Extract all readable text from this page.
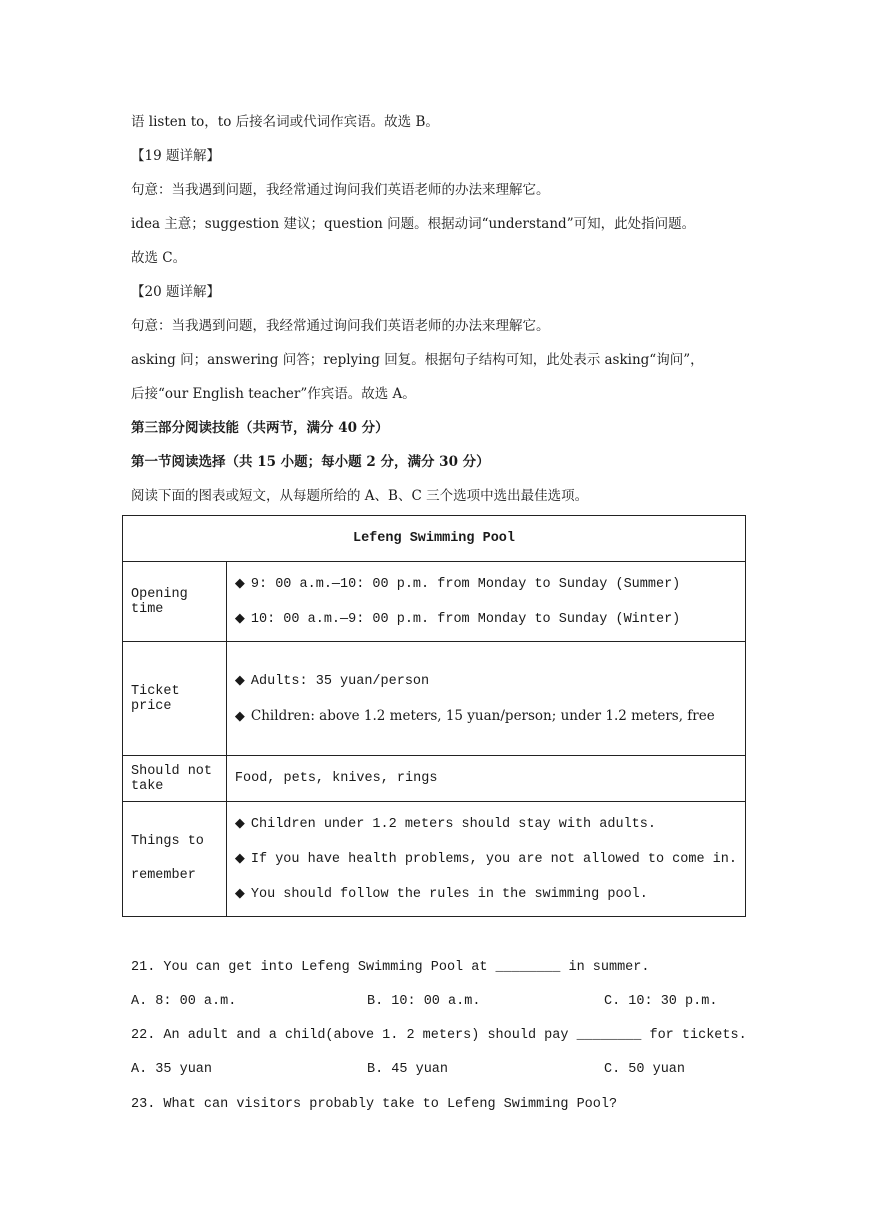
语 listen to，to 后接名词或代词作宾语。故选 B。
【19 题详解】
句意：当我遇到问题，我经常通过询问我们英语老师的办法来理解它。
idea 主意；suggestion 建议；question 问题。根据动词“understand”可知，此处指问题。
故选 C。
【20 题详解】
句意：当我遇到问题，我经常通过询问我们英语老师的办法来理解它。
asking 问；answering 问答；replying 回复。根据句子结构可知，此处表示 asking“询问”，
后接“our English teacher”作宾语。故选 A。
第三部分阅读技能（共两节，满分 40 分）
第一节阅读选择（共 15 小题；每小题 2 分，满分 30 分）
阅读下面的图表或短文，从每题所给的 A、B、C 三个选项中选出最佳选项。
Lefeng Swimming Pool	
Opening time	◆ 9: 00 a.m.—10: 00 p.m. from Monday to Sunday (Summer)
◆ 10: 00 a.m.—9: 00 p.m. from Monday to Sunday (Winter)

Ticket price	◆ Adults: 35 yuan/person
◆ Children: above 1.2 meters, 15 yuan/person; under 1.2 meters, free

Should not take	Food, pets, knives, rings

Things to
remember	◆ Children under 1.2 meters should stay with adults.
◆ If you have health problems, you are not allowed to come in.
◆ You should follow the rules in the swimming pool.
21. You can get into Lefeng Swimming Pool at ________ in summer.
A. 8: 00 a.m.	B. 10: 00 a.m.	C. 10: 30 p.m.
22. An adult and a child(above 1. 2 meters) should pay ________ for tickets.
A. 35 yuan	B. 45 yuan	C. 50 yuan
23. What can visitors probably take to Lefeng Swimming Pool?
